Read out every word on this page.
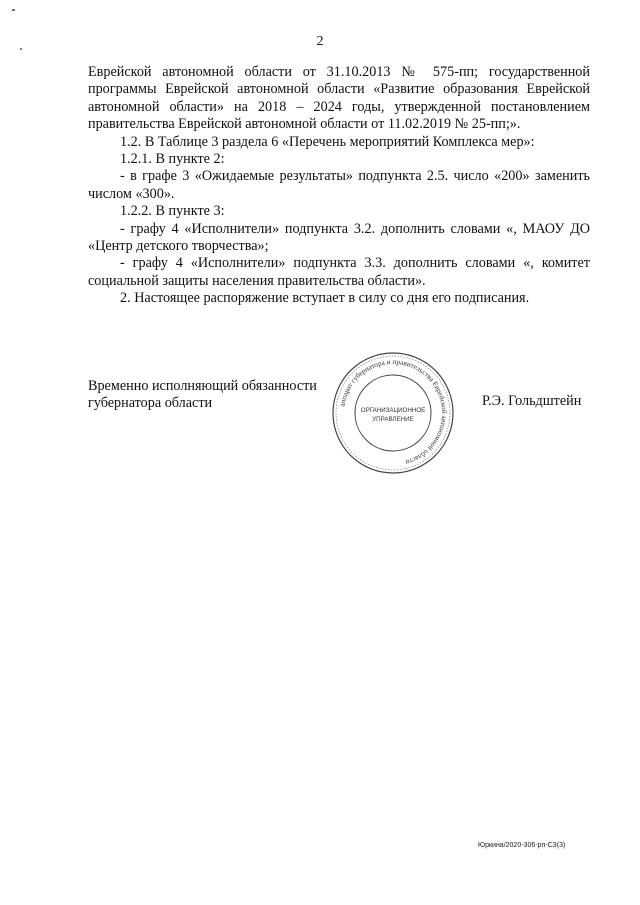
2

Еврейской автономной области от 31.10.2013 № 575-пп; государственной программы Еврейской автономной области «Развитие образования Еврейской автономной области» на 2018 – 2024 годы, утвержденной постановлением правительства Еврейской автономной области от 11.02.2019 № 25-пп;».

1.2. В Таблице 3 раздела 6 «Перечень мероприятий Комплекса мер»:

1.2.1. В пункте 2:

- в графе 3 «Ожидаемые результаты» подпункта 2.5. число «200» заменить числом «300».

1.2.2. В пункте 3:

- графу 4 «Исполнители» подпункта 3.2. дополнить словами «, МАОУ ДО «Центр детского творчества»;

- графу 4 «Исполнители» подпункта 3.3. дополнить словами «, комитет социальной защиты населения правительства области».

2. Настоящее распоряжение вступает в силу со дня его подписания.

Временно исполняющий обязанности
губернатора области	аппарат губернатора и правительства Еврейской автономной области
ОРГАНИЗАЦИОННОЕ
УПРАВЛЕНИЕ
Р.Э. Гольдштейн
Юркина/2020-306-рп-СЗ(3)
